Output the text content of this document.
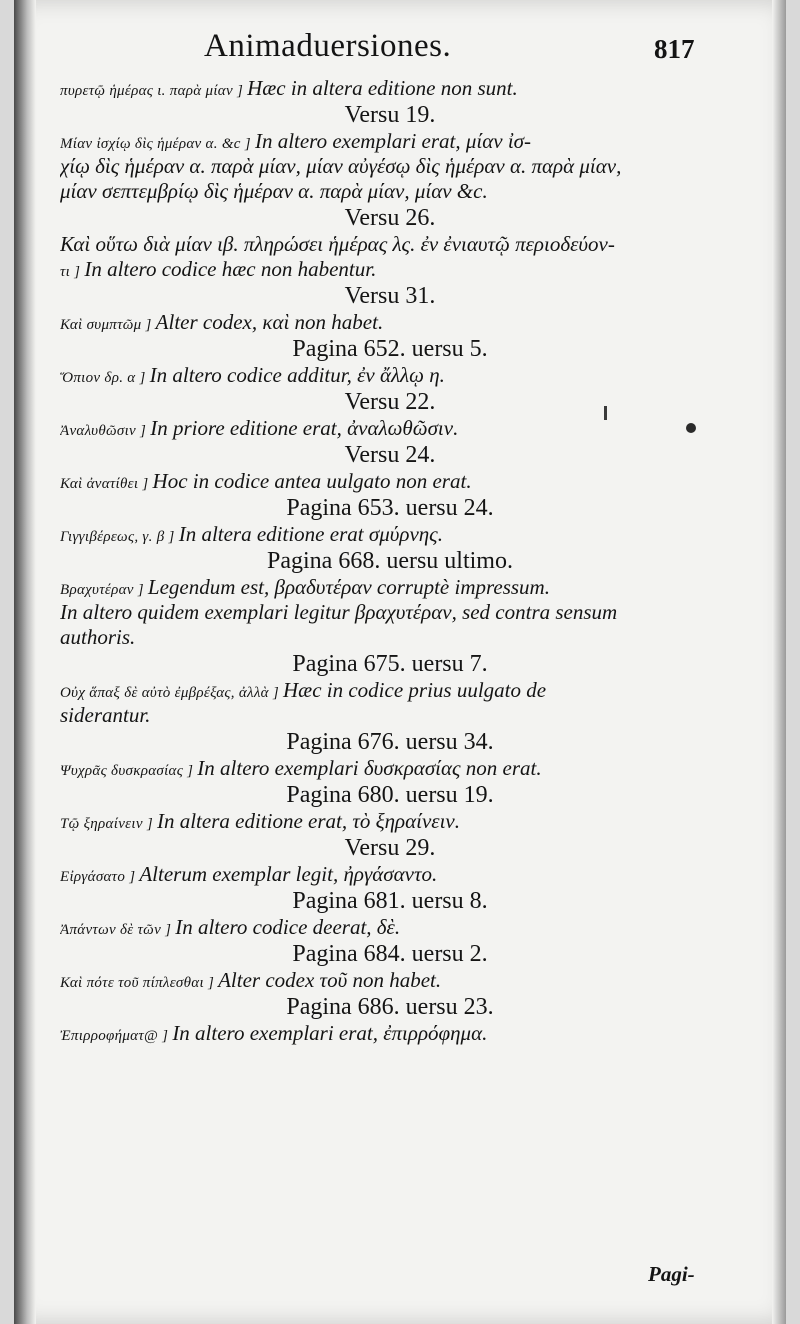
Animaduersiones.	817
πυρετῷ ἡμέρας ι. παρὰ μίαν ] Hæc in altera editione non sunt.
Versu 19.
Μίαν ἰσχίῳ δὶς ἡμέραν α. &c ] In altero exemplari erat, μίαν ἰσ-
χίῳ δὶς ἡμέραν α. παρὰ μίαν, μίαν αὐγέσῳ δὶς ἡμέραν α. παρὰ μίαν,
μίαν σεπτεμβρίῳ δὶς ἡμέραν α. παρὰ μίαν, μίαν &c.
Versu 26.
Καὶ οὕτω διὰ μίαν ιβ. πληρώσει ἡμέρας λς. ἐν ἐνιαυτῷ περιοδεύον-
τι ] In altero codice hæc non habentur.
Versu 31.
Καὶ συμπτῶμ ] Alter codex, καὶ non habet.
Pagina 652. uersu 5.
Ὅπιον δρ. α ] In altero codice additur, ἐν ἄλλῳ η.
Versu 22.
Ἀναλυθῶσιν ] In priore editione erat, ἀναλωθῶσιν.
Versu 24.
Καὶ ἀνατίθει ] Hoc in codice antea uulgato non erat.
Pagina 653. uersu 24.
Γιγγιβέρεως, γ. β ] In altera editione erat σμύρνης.
Pagina 668. uersu ultimo.
Βραχυτέραν ] Legendum est, βραδυτέραν corruptè impressum.
In altero quidem exemplari legitur βραχυτέραν, sed contra sensum
authoris.
Pagina 675. uersu 7.
Οὐχ ἅπαξ δὲ αὐτὸ ἐμβρέξας, ἀλλὰ ] Hæc in codice prius uulgato de
siderantur.
Pagina 676. uersu 34.
Ψυχρᾶς δυσκρασίας ] In altero exemplari δυσκρασίας non erat.
Pagina 680. uersu 19.
Τῷ ξηραίνειν ] In altera editione erat, τὸ ξηραίνειν.
Versu 29.
Εἰργάσατο ] Alterum exemplar legit, ἠργάσαντο.
Pagina 681. uersu 8.
Ἀπάντων δὲ τῶν ] In altero codice deerat, δὲ.
Pagina 684. uersu 2.
Καὶ πότε τοῦ πίπλεσθαι ] Alter codex τοῦ non habet.
Pagina 686. uersu 23.
Ἐπιρροφήματ@ ] In altero exemplari erat, ἐπιρρόφημα.
Pagi-
